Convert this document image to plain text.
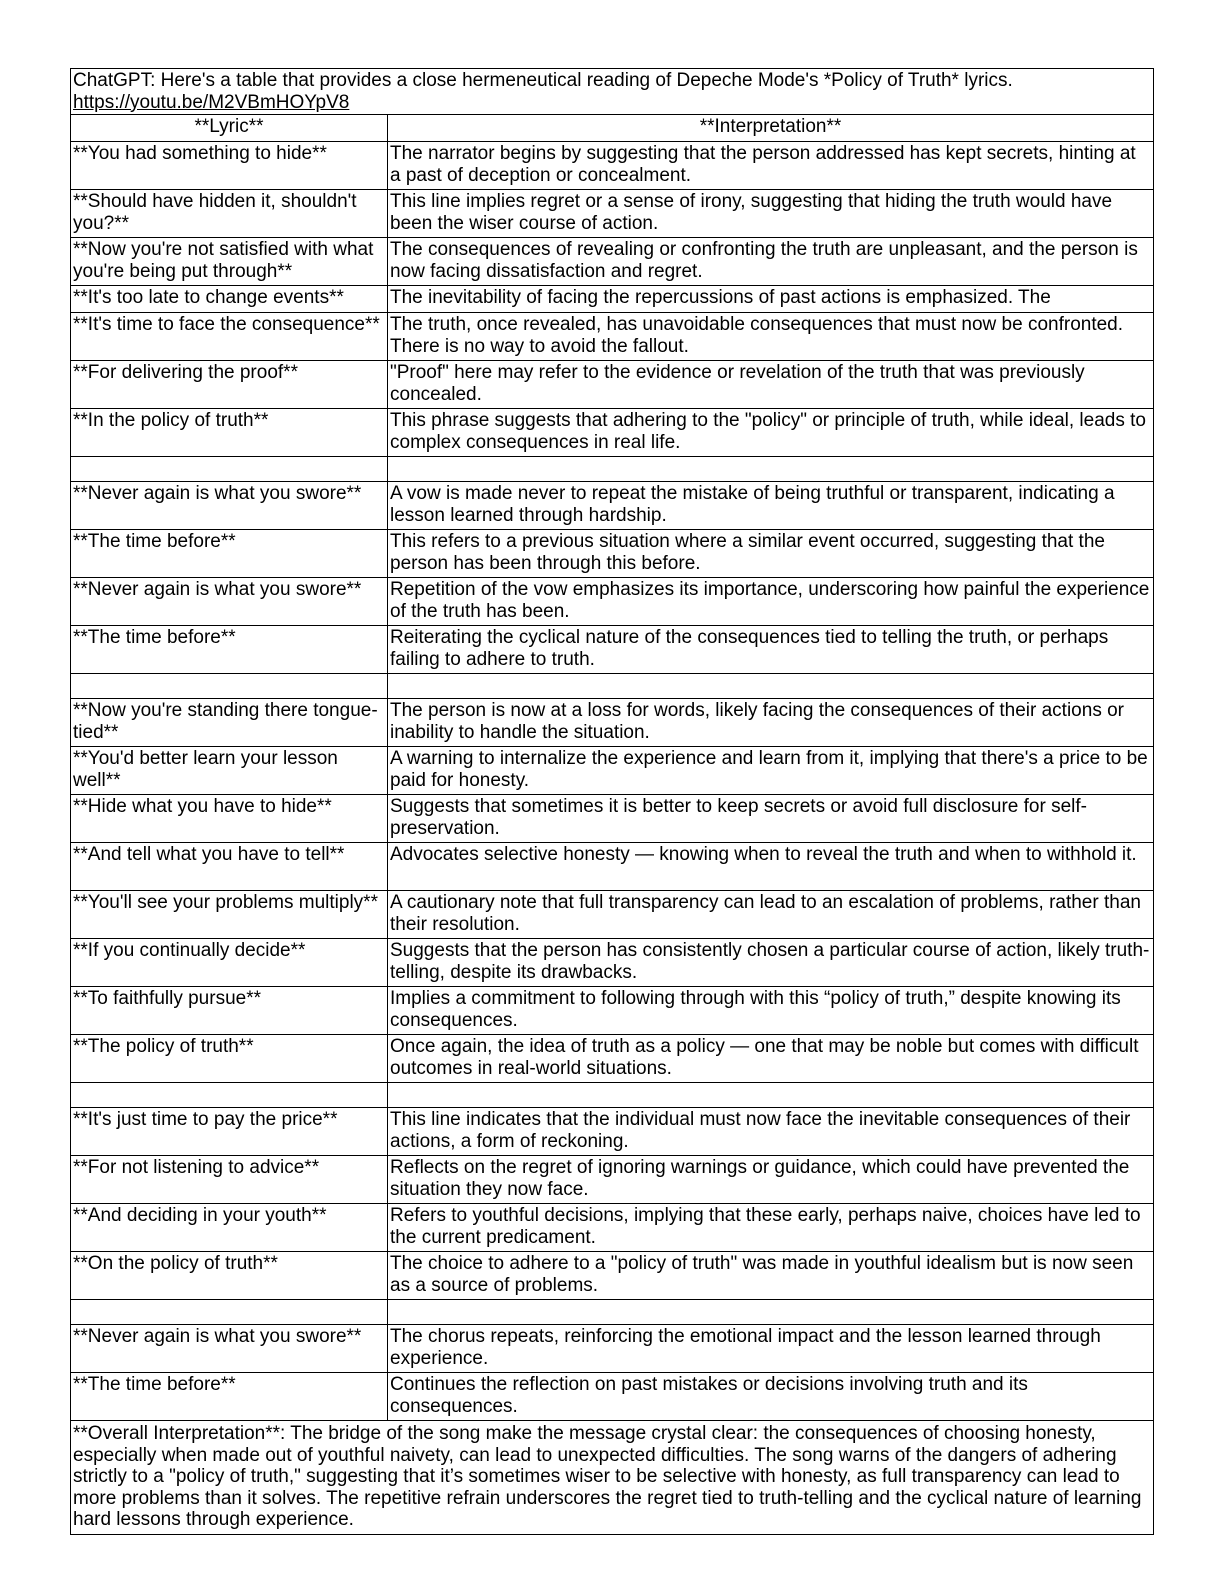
ChatGPT: Here's a table that provides a close hermeneutical reading of Depeche Mode's *Policy of Truth* lyrics.
https://youtu.be/M2VBmHOYpV8	

**Lyric**	**Interpretation**
**You had something to hide**	The narrator begins by suggesting that the person addressed has kept secrets, hinting at a past of deception or concealment.
**Should have hidden it, shouldn't you?**	This line implies regret or a sense of irony, suggesting that hiding the truth would have been the wiser course of action.
**Now you're not satisfied with what you're being put through**	The consequences of revealing or confronting the truth are unpleasant, and the person is now facing dissatisfaction and regret.
**It's too late to change events**	The inevitability of facing the repercussions of past actions is emphasized. The
**It's time to face the consequence**	The truth, once revealed, has unavoidable consequences that must now be confronted. There is no way to avoid the fallout.
**For delivering the proof**	"Proof" here may refer to the evidence or revelation of the truth that was previously concealed.
**In the policy of truth**	This phrase suggests that adhering to the "policy" or principle of truth, while ideal, leads to complex consequences in real life.

**Never again is what you swore**	A vow is made never to repeat the mistake of being truthful or transparent, indicating a lesson learned through hardship.
**The time before**	This refers to a previous situation where a similar event occurred, suggesting that the person has been through this before.
**Never again is what you swore**	Repetition of the vow emphasizes its importance, underscoring how painful the experience of the truth has been.
**The time before**	Reiterating the cyclical nature of the consequences tied to telling the truth, or perhaps failing to adhere to truth.

**Now you're standing there tongue-tied**	The person is now at a loss for words, likely facing the consequences of their actions or inability to handle the situation.
**You'd better learn your lesson well**	A warning to internalize the experience and learn from it, implying that there's a price to be paid for honesty.
**Hide what you have to hide**	Suggests that sometimes it is better to keep secrets or avoid full disclosure for self-preservation.
**And tell what you have to tell**	Advocates selective honesty — knowing when to reveal the truth and when to withhold it.
**You'll see your problems multiply**	A cautionary note that full transparency can lead to an escalation of problems, rather than their resolution.
**If you continually decide**	Suggests that the person has consistently chosen a particular course of action, likely truth-telling, despite its drawbacks.
**To faithfully pursue**	Implies a commitment to following through with this “policy of truth,” despite knowing its consequences.
**The policy of truth**	Once again, the idea of truth as a policy — one that may be noble but comes with difficult outcomes in real-world situations.

**It's just time to pay the price**	This line indicates that the individual must now face the inevitable consequences of their actions, a form of reckoning.
**For not listening to advice**	Reflects on the regret of ignoring warnings or guidance, which could have prevented the situation they now face.
**And deciding in your youth**	Refers to youthful decisions, implying that these early, perhaps naive, choices have led to the current predicament.
**On the policy of truth**	The choice to adhere to a "policy of truth" was made in youthful idealism but is now seen as a source of problems.

**Never again is what you swore**	The chorus repeats, reinforcing the emotional impact and the lesson learned through experience.
**The time before**	Continues the reflection on past mistakes or decisions involving truth and its consequences.
**Overall Interpretation**: The bridge of the song make the message crystal clear: the consequences of choosing honesty, especially when made out of youthful naivety, can lead to unexpected difficulties. The song warns of the dangers of adhering strictly to a "policy of truth," suggesting that it’s sometimes wiser to be selective with honesty, as full transparency can lead to more problems than it solves. The repetitive refrain underscores the regret tied to truth-telling and the cyclical nature of learning hard lessons through experience.	
